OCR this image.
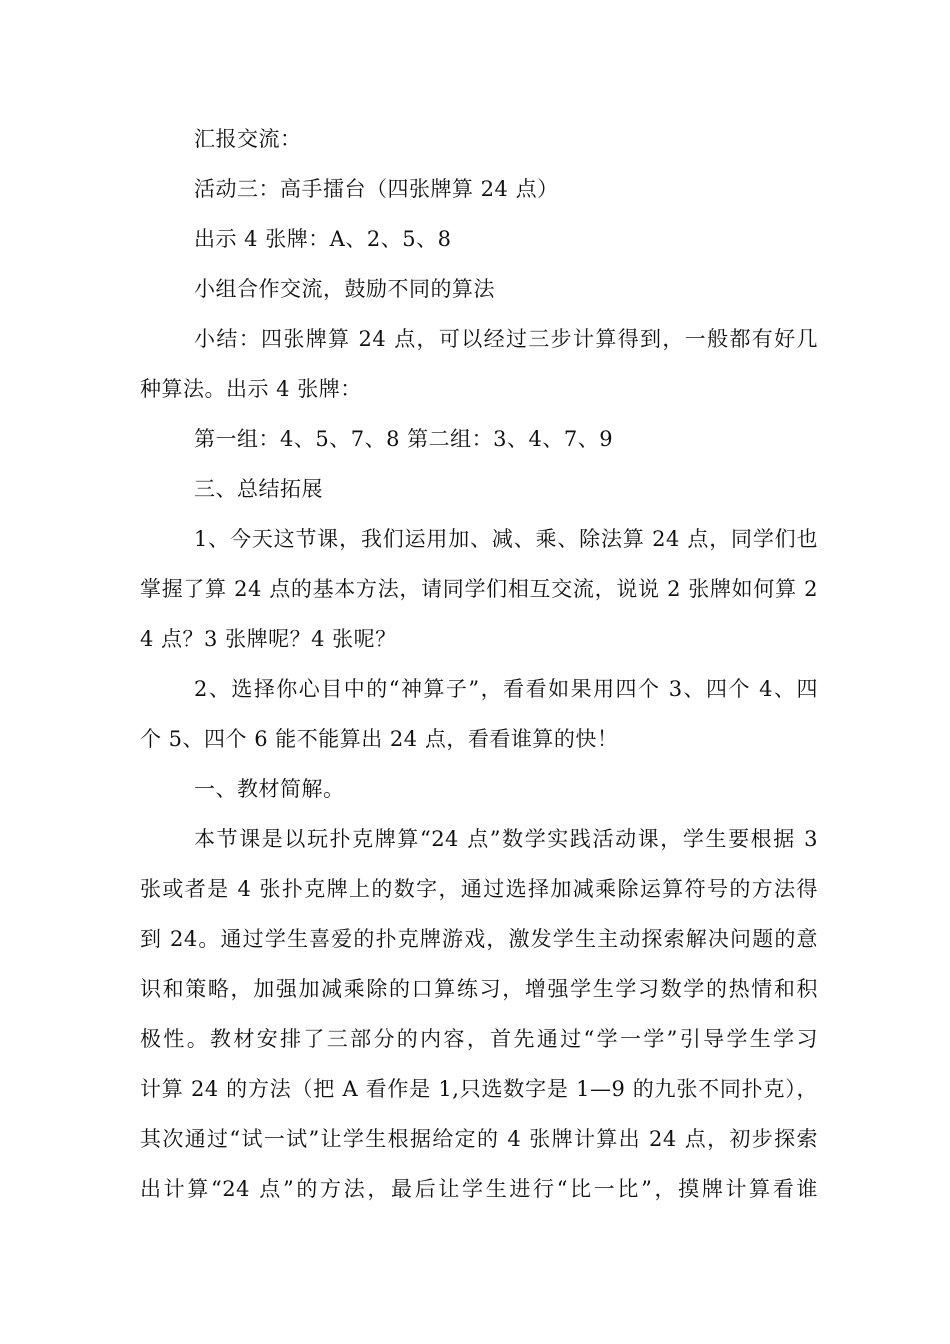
汇报交流：
活动三：高手擂台（四张牌算 24 点）
出示 4 张牌：A、2、5、8
小组合作交流，鼓励不同的算法
小结：四张牌算 24 点，可以经过三步计算得到，一般都有好几
种算法。出示 4 张牌：
第一组：4、5、7、8 第二组：3、4、7、9
三、总结拓展
1、今天这节课，我们运用加、减、乘、除法算 24 点，同学们也
掌握了算 24 点的基本方法，请同学们相互交流，说说 2 张牌如何算 2
4 点？3 张牌呢？4 张呢？
2、选择你心目中的“神算子”，看看如果用四个 3、四个 4、四
个 5、四个 6 能不能算出 24 点，看看谁算的快！
一、教材简解。
本节课是以玩扑克牌算“24 点”数学实践活动课，学生要根据 3
张或者是 4 张扑克牌上的数字，通过选择加减乘除运算符号的方法得
到 24。通过学生喜爱的扑克牌游戏，激发学生主动探索解决问题的意
识和策略，加强加减乘除的口算练习，增强学生学习数学的热情和积
极性。教材安排了三部分的内容，首先通过“学一学”引导学生学习
计算 24 的方法（把 A 看作是 1,只选数字是 1—9 的九张不同扑克），
其次通过“试一试”让学生根据给定的 4 张牌计算出 24 点，初步探索
出计算“24 点”的方法，最后让学生进行“比一比”，摸牌计算看谁
